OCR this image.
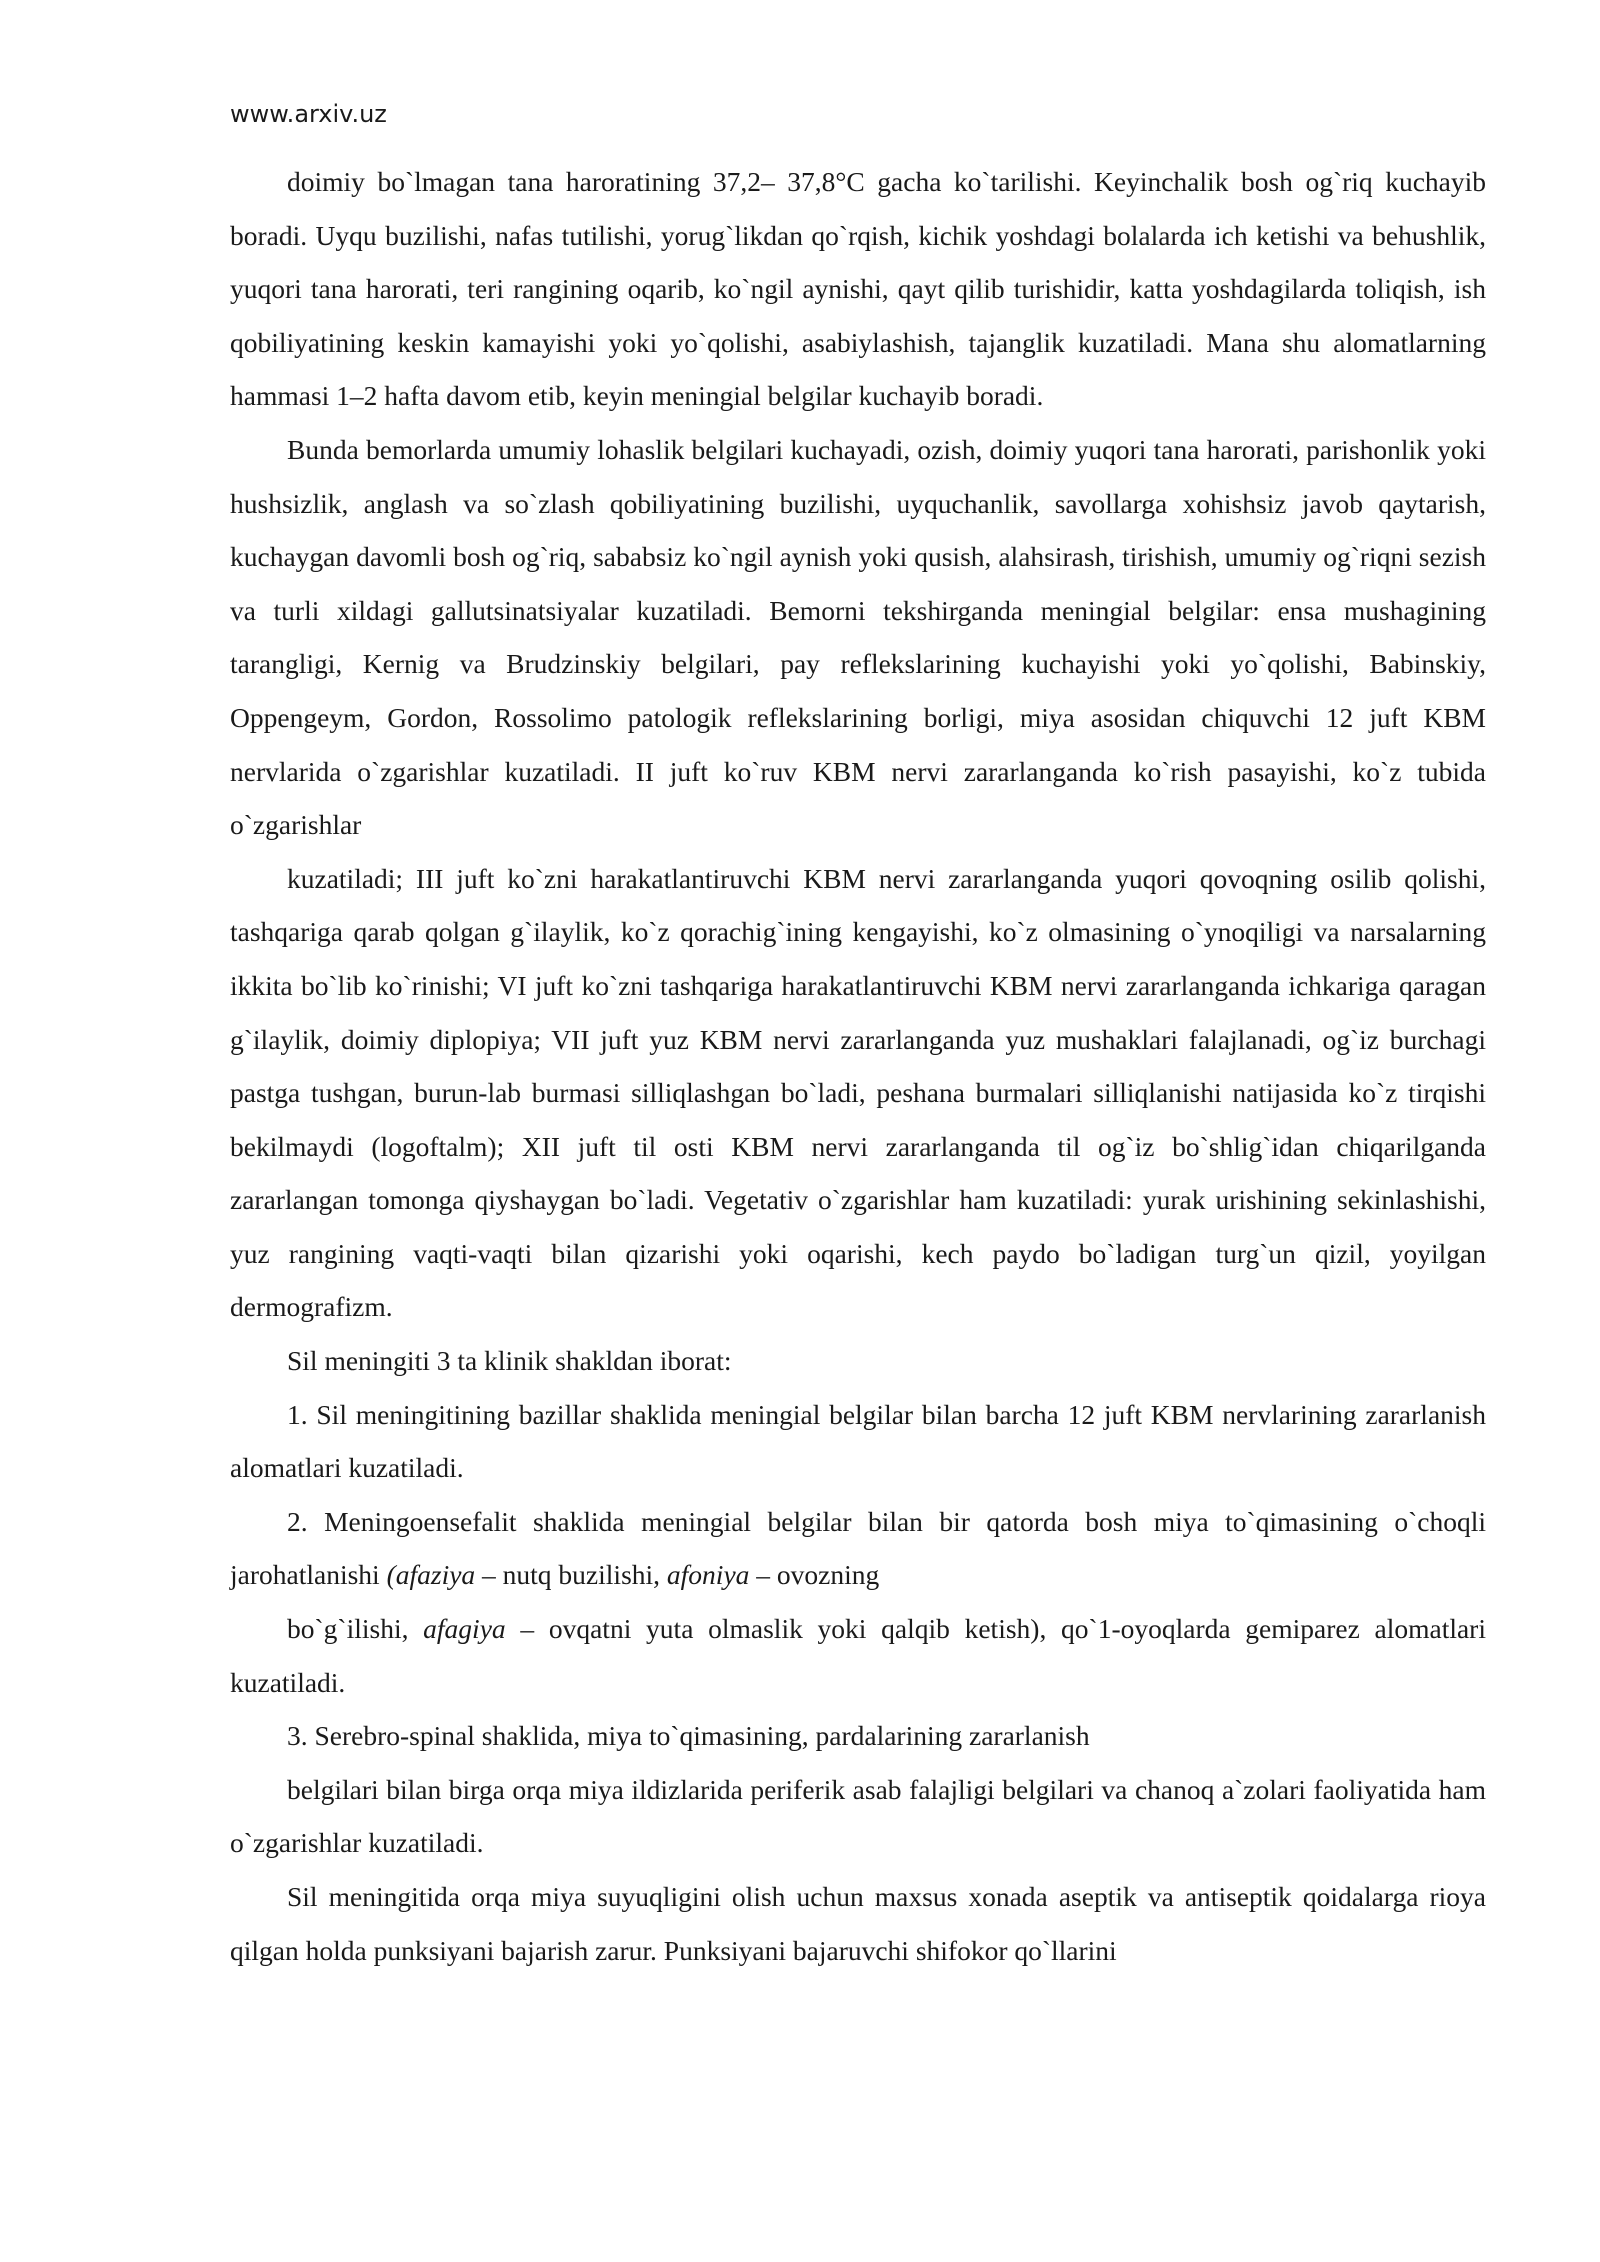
www.arxiv.uz

doimiy bo`lmagan tana haroratining 37,2– 37,8°C gacha ko`tarilishi. Keyinchalik bosh og`riq kuchayib boradi. Uyqu buzilishi, nafas tutilishi, yorug`likdan qo`rqish, kichik yoshdagi bolalarda ich ketishi va behushlik, yuqori tana harorati, teri rangining oqarib, ko`ngil aynishi, qayt qilib turishidir, katta yoshdagilarda toliqish, ish qobiliyatining keskin kamayishi yoki yo`qolishi, asabiylashish, tajanglik kuzatiladi. Mana shu alomatlarning hammasi 1–2 hafta davom etib, keyin meningial belgilar kuchayib boradi.

Bunda bemorlarda umumiy lohaslik belgilari kuchayadi, ozish, doimiy yuqori tana harorati, parishonlik yoki hushsizlik, anglash va so`zlash qobiliyatining buzilishi, uyquchanlik, savollarga xohishsiz javob qaytarish, kuchaygan davomli bosh og`riq, sababsiz ko`ngil aynish yoki qusish, alahsirash, tirishish, umumiy og`riqni sezish va turli xildagi gallutsinatsiyalar kuzatiladi. Bemorni tekshirganda meningial belgilar: ensa mushagining tarangligi, Kernig va Brudzinskiy belgilari, pay reflekslarining kuchayishi yoki yo`qolishi, Babinskiy, Oppengeym, Gordon, Rossolimo patologik reflekslarining borligi, miya asosidan chiquvchi 12 juft KBM nervlarida o`zgarishlar kuzatiladi. II juft ko`ruv KBM nervi zararlanganda ko`rish pasayishi, ko`z tubida o`zgarishlar

kuzatiladi; III juft ko`zni harakatlantiruvchi KBM nervi zararlanganda yuqori qovoqning osilib qolishi, tashqariga qarab qolgan g`ilaylik, ko`z qorachig`ining kengayishi, ko`z olmasining o`ynoqiligi va narsalarning ikkita bo`lib ko`rinishi; VI juft ko`zni tashqariga harakatlantiruvchi KBM nervi zararlanganda ichkariga qaragan g`ilaylik, doimiy diplopiya; VII juft yuz KBM nervi zararlanganda yuz mushaklari falajlanadi, og`iz burchagi pastga tushgan, burun-lab burmasi silliqlashgan bo`ladi, peshana burmalari silliqlanishi natijasida ko`z tirqishi bekilmaydi (logoftalm); XII juft til osti KBM nervi zararlanganda til og`iz bo`shlig`idan chiqarilganda zararlangan tomonga qiyshaygan bo`ladi. Vegetativ o`zgarishlar ham kuzatiladi: yurak urishining sekinlashishi, yuz rangining vaqti-vaqti bilan qizarishi yoki oqarishi, kech paydo bo`ladigan turg`un qizil, yoyilgan dermografizm.

Sil meningiti 3 ta klinik shakldan iborat:

1. Sil meningitining bazillar shaklida meningial belgilar bilan barcha 12 juft KBM nervlarining zararlanish alomatlari kuzatiladi.

2. Meningoensefalit shaklida meningial belgilar bilan bir qatorda bosh miya to`qimasining o`choqli jarohatlanishi (afaziya – nutq buzilishi, afoniya – ovozning

bo`g`ilishi, afagiya – ovqatni yuta olmaslik yoki qalqib ketish), qo`1-oyoqlarda gemiparez alomatlari kuzatiladi.

3. Serebro-spinal shaklida, miya to`qimasining, pardalarining zararlanish

belgilari bilan birga orqa miya ildizlarida periferik asab falajligi belgilari va chanoq a`zolari faoliyatida ham o`zgarishlar kuzatiladi.

Sil meningitida orqa miya suyuqligini olish uchun maxsus xonada aseptik va antiseptik qoidalarga rioya qilgan holda punksiyani bajarish zarur. Punksiyani bajaruvchi shifokor qo`llarini
